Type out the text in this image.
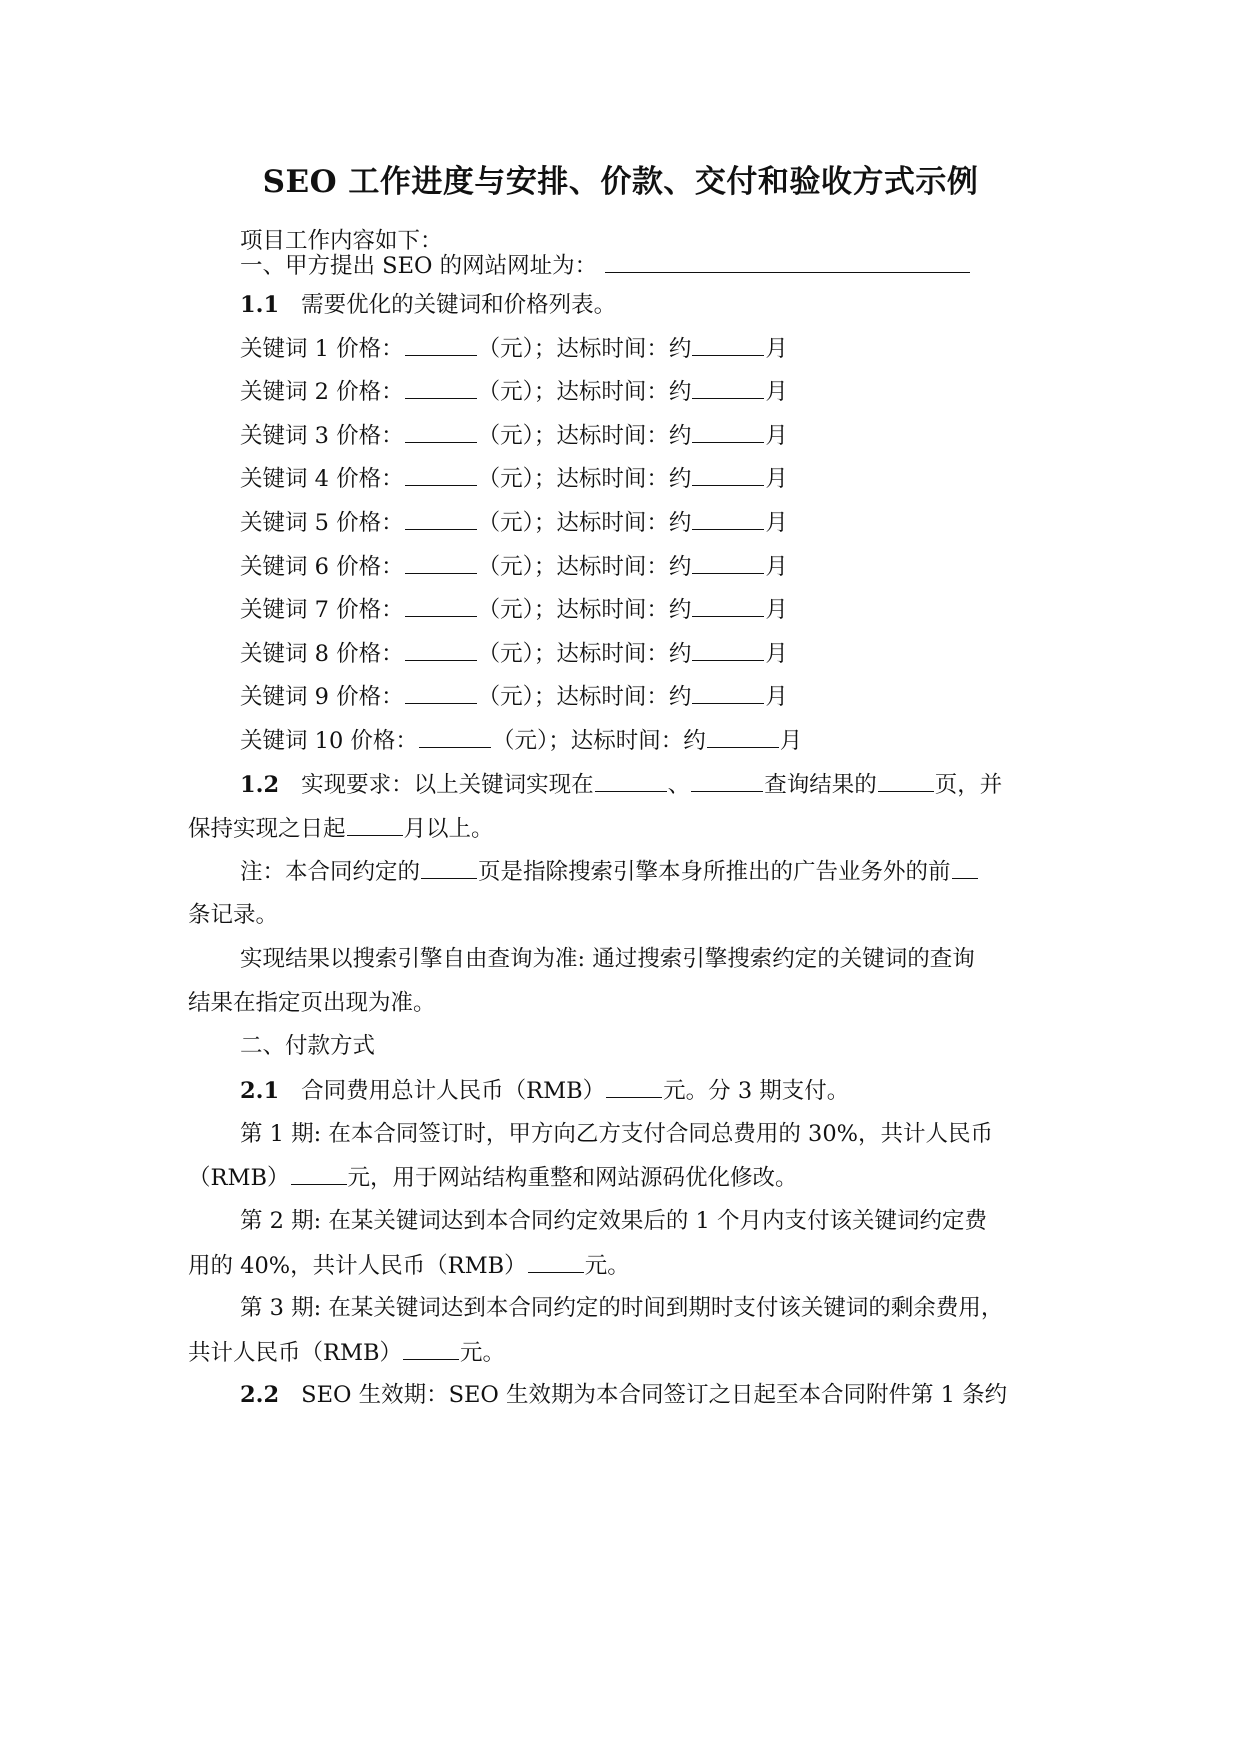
SEO 工作进度与安排、价款、交付和验收方式示例
项目工作内容如下：
一、甲方提出 SEO 的网站网址为：
1.1 需要优化的关键词和价格列表。
关键词 1 价格：	（元）；达标时间：约	月
关键词 2 价格：	（元）；达标时间：约	月
关键词 3 价格：	（元）；达标时间：约	月
关键词 4 价格：	（元）；达标时间：约	月
关键词 5 价格：	（元）；达标时间：约	月
关键词 6 价格：	（元）；达标时间：约	月
关键词 7 价格：	（元）；达标时间：约	月
关键词 8 价格：	（元）；达标时间：约	月
关键词 9 价格：	（元）；达标时间：约	月
关键词 10 价格：	（元）；达标时间：约	月
1.2 实现要求：以上关键词实现在	、	查询结果的	页，并
保持实现之日起	月以上。
注：本合同约定的	页是指除搜索引擎本身所推出的广告业务外的前
条记录。
实现结果以搜索引擎自由查询为准: 通过搜索引擎搜索约定的关键词的查询
结果在指定页出现为准。
二、付款方式
2.1 合同费用总计人民币（RMB）	元。分 3 期支付。
第 1 期: 在本合同签订时，甲方向乙方支付合同总费用的 30%，共计人民币
（RMB）	元，用于网站结构重整和网站源码优化修改。
第 2 期: 在某关键词达到本合同约定效果后的 1 个月内支付该关键词约定费
用的 40%，共计人民币（RMB）	元。
第 3 期: 在某关键词达到本合同约定的时间到期时支付该关键词的剩余费用，
共计人民币（RMB）	元。
2.2 SEO 生效期：SEO 生效期为本合同签订之日起至本合同附件第 1 条约
